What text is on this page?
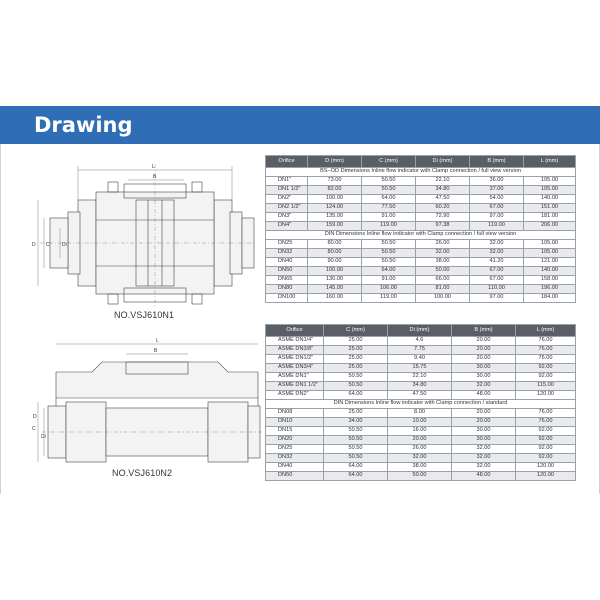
Drawing
L
B
D C Di
NO.VSJ610N1
L
B
C
Di
D
NO.VSJ610N2
Orifice	D (mm)	C (mm)	Di (mm)	B (mm)	L (mm)
BS–OD Dimensions Inline flow indicator with Clamp connection / full view version					
DN1"	73.00	50.50	22.10	36.00	105.00
DN1 1/2"	82.00	50.50	34.80	37.00	105.00
DN2"	100.00	64.00	47.50	54.00	140.00
DN2 1/2"	124.00	77.50	60.20	67.00	151.00
DN3"	135.00	91.00	72.90	97.00	181.00
DN4"	159.00	119.00	97.38	119.00	206.00
DIN Dimensions Inline flow indicator with Clamp connection / full view version					
DN25	80.00	50.50	26.00	32.00	105.00
DN32	80.00	50.50	32.00	32.00	105.00
DN40	90.00	50.50	38.00	41.20	121.00
DN50	100.00	64.00	50.00	67.00	140.00
DN65	130.00	91.00	66.00	67.00	158.00
DN80	145.00	106.00	81.00	110.00	196.00
DN100	160.00	119.00	100.00	97.00	184.00
Orifice	C (mm)	Di (mm)	B (mm)	L (mm)
ASME DN1/4"	25.00	4.6	20.00	76.00
ASME DN3/8"	25.00	7.75	20.00	76.00
ASME DN1/2"	25.00	9.40	20.00	76.00
ASME DN3/4"	25.00	15.75	30.00	92.00
ASME DN1"	50.50	22.10	30.00	92.00
ASME DN1 1/2"	50.50	34.80	32.00	115.00
ASME DN2"	64.00	47.50	48.00	120.00
DIN Dimensions Inline flow indicator with Clamp connection / standard				
DN08	25.00	8.00	20.00	76.00
DN10	34.00	10.00	20.00	76.00
DN15	50.50	16.00	30.00	92.00
DN20	50.50	20.00	30.00	92.00
DN25	50.50	26.00	32.00	92.00
DN32	50.50	32.00	32.00	92.00
DN40	64.00	38.00	32.00	120.00
DN50	64.00	50.00	48.00	120.00
